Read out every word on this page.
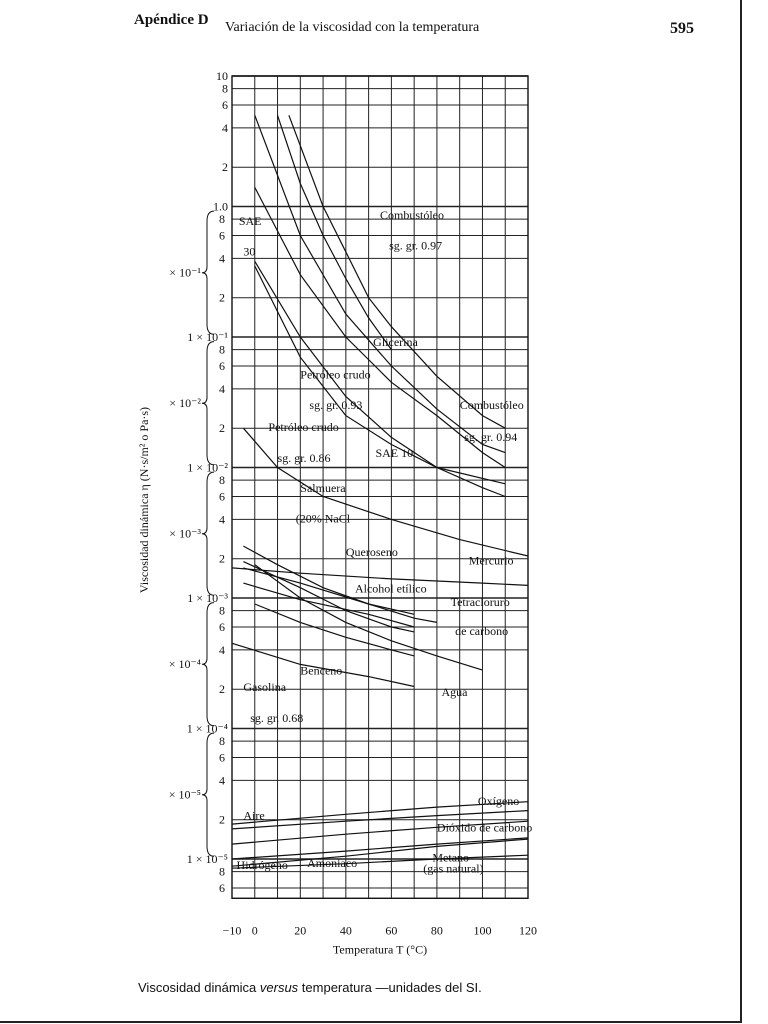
Apéndice D Variación de la viscosidad con la temperatura	595
10
6
8
4
2
1.0
8
6
4
2
× 10⁻¹
1 × 10⁻¹
8
6
4
2
× 10⁻²
1 × 10⁻²
8
6
4
2
× 10⁻³
1 × 10⁻³
8
6
4
2
× 10⁻⁴
1 × 10⁻⁴
8
6
4
2
× 10⁻⁵
1 × 10⁻⁵
8
6
−10 0	20	40	60	80	100 120
SAE
30
Combustóleo
sg. gr. 0.97
Glicerina
Combustóleo
sg. gr. 0.94
Petróleo crudo
sg. gr. 0.86
Petróleo crudo
sg. gr. 0.93
SAE 10
Salmuera
(20% NaCl
Queroseno
Mercurio
Alcohol etílico
Tetracloruro
de carbono
Benceno
Gasolina
sg. gr. 0.68
Agua
Oxígeno
Aire
Dióxido de carbono
Hidrógeno Amoniaco	Metano
(gas natural)
Temperatura T (°C)
Viscosidad dinámica η (N·s/m² o Pa·s)
Viscosidad dinámica versus temperatura —unidades del SI.
